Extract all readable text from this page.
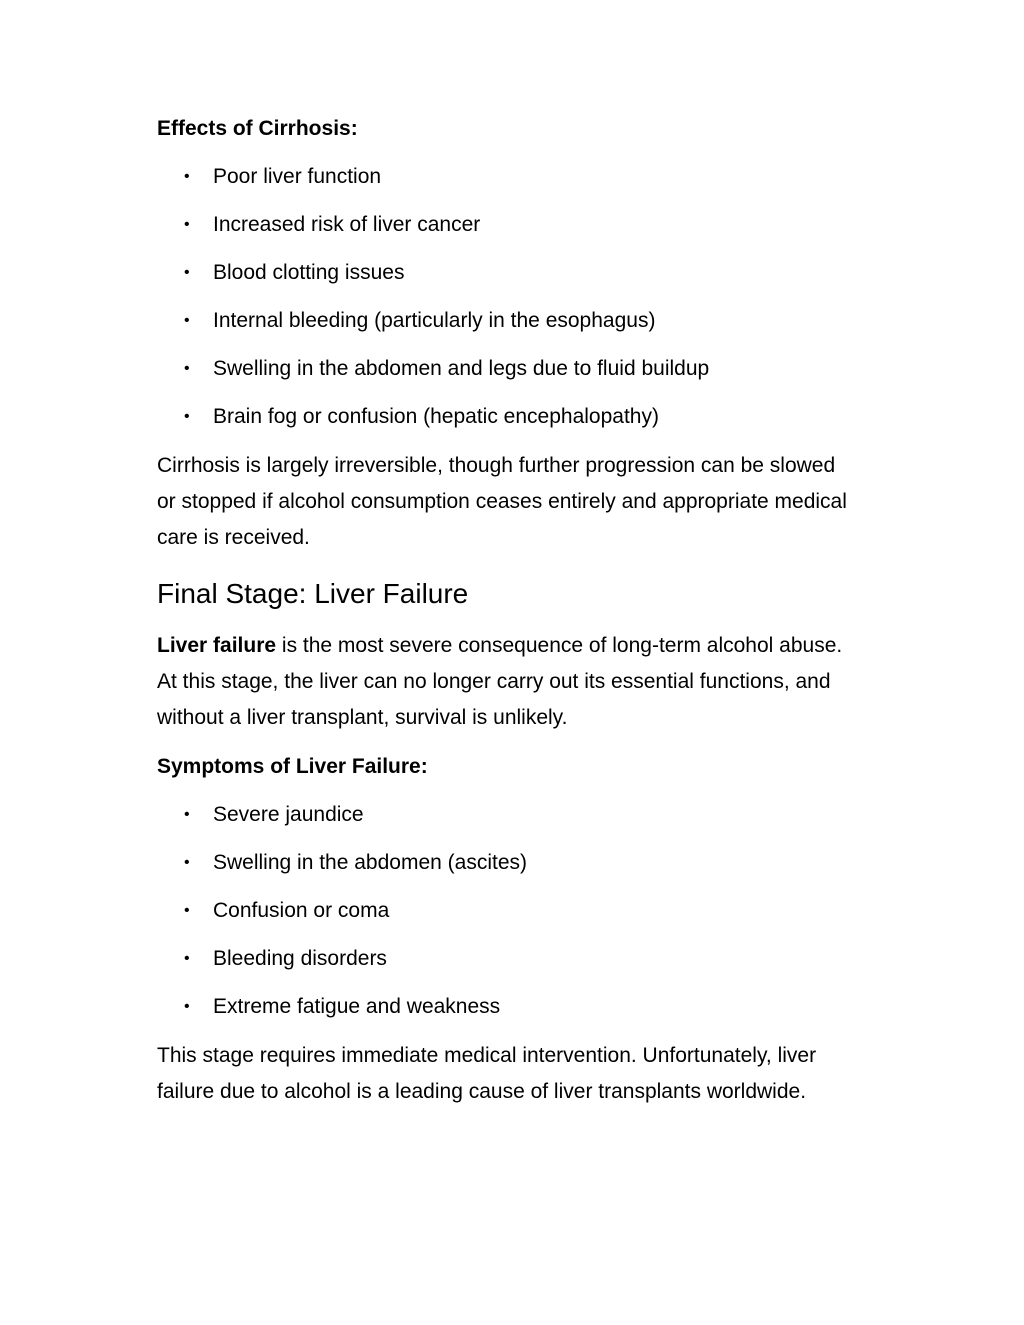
Effects of Cirrhosis:
• Poor liver function
• Increased risk of liver cancer
• Blood clotting issues
• Internal bleeding (particularly in the esophagus)
• Swelling in the abdomen and legs due to fluid buildup
• Brain fog or confusion (hepatic encephalopathy)

Cirrhosis is largely irreversible, though further progression can be slowed or stopped if alcohol consumption ceases entirely and appropriate medical care is received.

Final Stage: Liver Failure

Liver failure is the most severe consequence of long-term alcohol abuse. At this stage, the liver can no longer carry out its essential functions, and without a liver transplant, survival is unlikely.

Symptoms of Liver Failure:
• Severe jaundice
• Swelling in the abdomen (ascites)
• Confusion or coma
• Bleeding disorders
• Extreme fatigue and weakness

This stage requires immediate medical intervention. Unfortunately, liver failure due to alcohol is a leading cause of liver transplants worldwide.
